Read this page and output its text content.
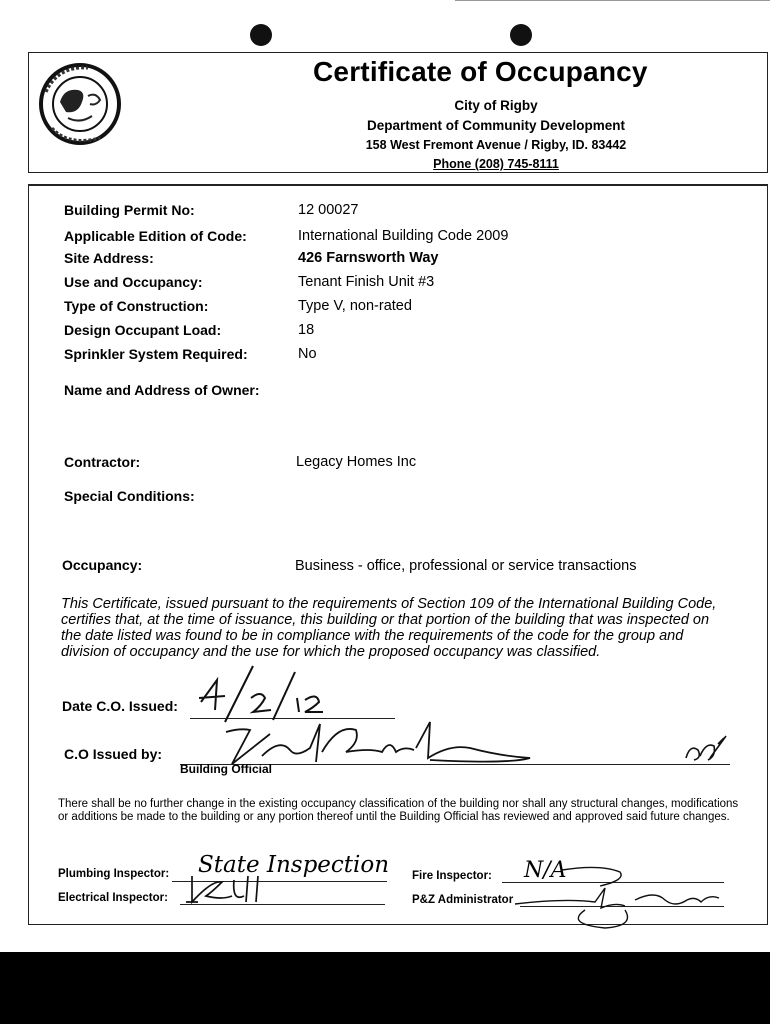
Certificate of Occupancy
City of Rigby
Department of Community Development
158 West Fremont Avenue / Rigby, ID. 83442
Phone (208) 745-8111
Building Permit No:	12 00027
Applicable Edition of Code:	International Building Code 2009
Site Address:	426 Farnsworth Way
Use and Occupancy:	Tenant Finish Unit #3
Type of Construction:	Type V, non-rated
Design Occupant Load:	18
Sprinkler System Required:	No
Name and Address of Owner:
Contractor:	Legacy Homes Inc
Special Conditions:
Occupancy:	Business - office, professional or service transactions
This Certificate, issued pursuant to the requirements of Section 109 of the International Building Code, certifies that, at the time of issuance, this building or that portion of the building that was inspected on the date listed was found to be in compliance with the requirements of the code for the group and division of occupancy and the use for which the proposed occupancy was classified.
Date C.O. Issued:
C.O Issued by:
Building Official
There shall be no further change in the existing occupancy classification of the building nor shall any structural changes, modifications or additions be made to the building or any portion thereof until the Building Official has reviewed and approved said future changes.
Plumbing Inspector: State Inspection
Electrical Inspector:
Fire Inspector: N/A
P&Z Administrator
